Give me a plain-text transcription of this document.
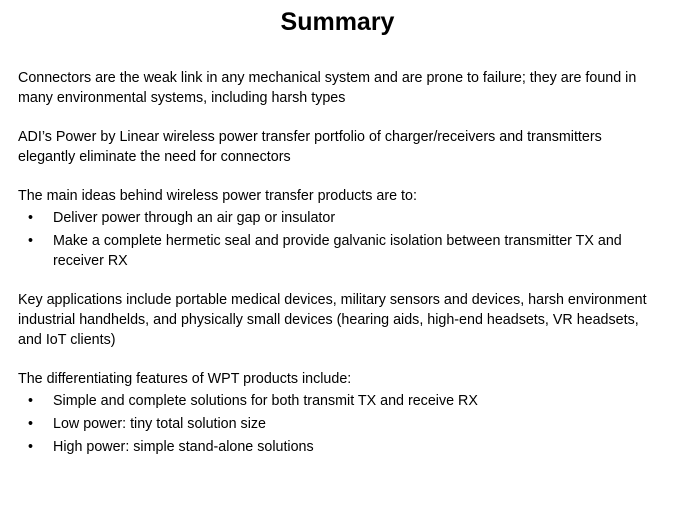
Summary

Connectors are the weak link in any mechanical system and are prone to failure; they are found in many environmental systems, including harsh types

ADI’s Power by Linear wireless power transfer portfolio of charger/receivers and transmitters elegantly eliminate the need for connectors

The main ideas behind wireless power transfer products are to:

• Deliver power through an air gap or insulator
• Make a complete hermetic seal and provide galvanic isolation between transmitter TX and receiver RX

Key applications include portable medical devices, military sensors and devices, harsh environment industrial handhelds, and physically small devices (hearing aids, high-end headsets, VR headsets, and IoT clients)

The differentiating features of WPT products include:

• Simple and complete solutions for both transmit TX and receive RX
• Low power: tiny total solution size
• High power: simple stand-alone solutions
